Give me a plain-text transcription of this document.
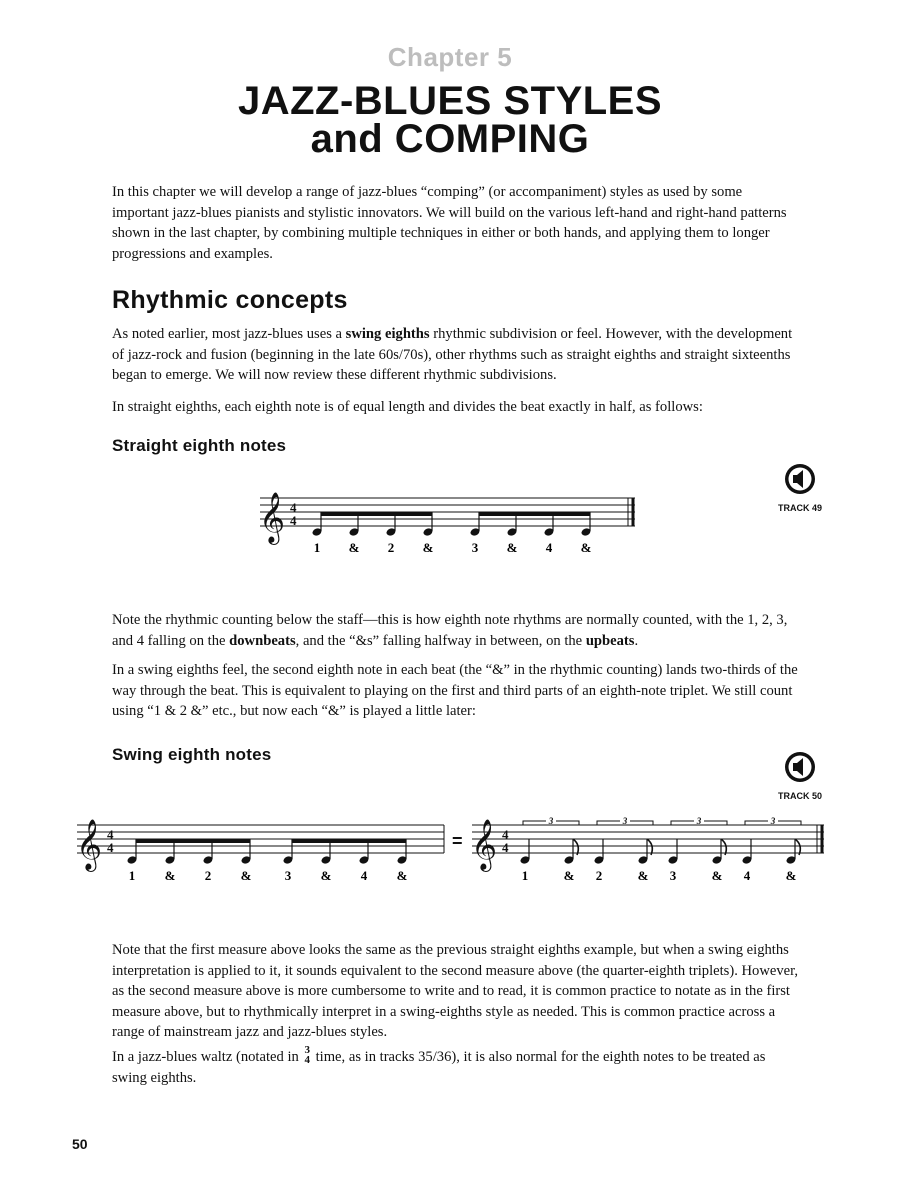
Chapter 5
JAZZ-BLUES STYLES
and COMPING

In this chapter we will develop a range of jazz-blues “comping” (or accompaniment) styles as used by some important jazz-blues pianists and stylistic innovators. We will build on the various left-hand and right-hand patterns shown in the last chapter, by combining multiple techniques in either or both hands, and applying them to longer progressions and examples.

Rhythmic concepts

As noted earlier, most jazz-blues uses a swing eighths rhythmic subdivision or feel. However, with the development of jazz-rock and fusion (beginning in the late 60s/70s), other rhythms such as straight eighths and straight sixteenths began to emerge. We will now review these different rhythmic subdivisions.

In straight eighths, each eighth note is of equal length and divides the beat exactly in half, as follows:

Straight eighth notes
TRACK 49
𝄞 4
4
1 & 2 &	3 & 4 &

Note the rhythmic counting below the staff—this is how eighth note rhythms are normally counted, with the 1, 2, 3, and 4 falling on the downbeats, and the “&s” falling halfway in between, on the upbeats.

In a swing eighths feel, the second eighth note in each beat (the “&” in the rhythmic counting) lands two-thirds of the way through the beat. This is equivalent to playing on the first and third parts of an eighth-note triplet. We still count using “1 & 2 &” etc., but now each “&” is played a little later:

Swing eighth notes
TRACK 50
𝄞 4
4	= 𝄞 4
4
3	3	3	3
1 & 2 &	3 & 4 &	1	& 2	& 3	& 4	&

Note that the first measure above looks the same as the previous straight eighths example, but when a swing eighths interpretation is applied to it, it sounds equivalent to the second measure above (the quarter-eighth triplets). However, as the second measure above is more cumbersome to write and to read, it is common practice to notate as in the first measure above, but to rhythmically interpret in a swing-eighths style as needed. This is common practice across a range of mainstream jazz and jazz-blues styles.

In a jazz-blues waltz (notated in 3
4 time, as in tracks 35/36), it is also normal for the eighth notes to be treated as swing eighths.

50
